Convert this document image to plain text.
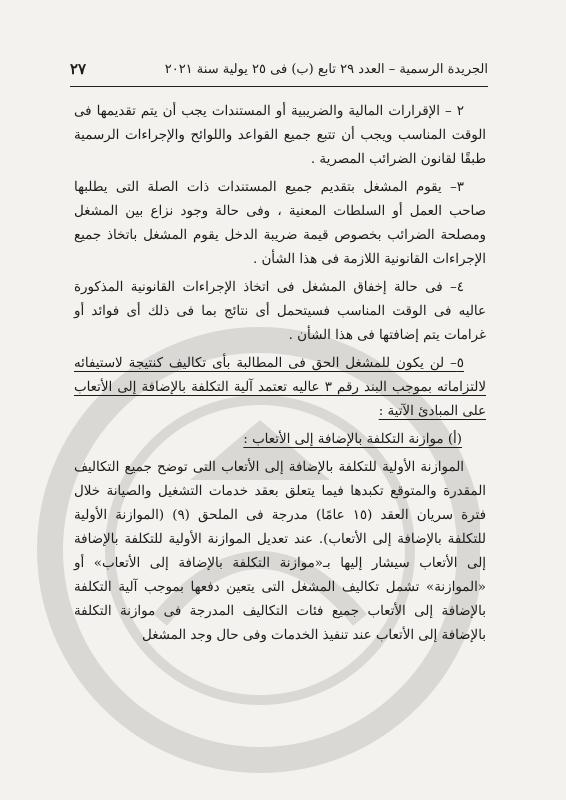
الجريدة الرسمية – العدد ٢٩ تابع (ب) فى ٢٥ يولية سنة ٢٠٢١
٢٧

٢ – الإقرارات المالية والضريبية أو المستندات يجب أن يتم تقديمها فى الوقت المناسب ويجب أن تتبع جميع القواعد واللوائح والإجراءات الرسمية طبقًا لقانون الضرائب المصرية .

٣– يقوم المشغل بتقديم جميع المستندات ذات الصلة التى يطلبها صاحب العمل أو السلطات المعنية ، وفى حالة وجود نزاع بين المشغل ومصلحة الضرائب بخصوص قيمة ضريبة الدخل يقوم المشغل باتخاذ جميع الإجراءات القانونية اللازمة فى هذا الشأن .

٤– فى حالة إخفاق المشغل فى اتخاذ الإجراءات القانونية المذكورة عاليه فى الوقت المناسب فسيتحمل أى نتائج بما فى ذلك أى فوائد أو غرامات يتم إضافتها فى هذا الشأن .

٥– لن يكون للمشغل الحق فى المطالبة بأى تكاليف كنتيجة لاستيفائه لالتزاماته بموجب البند رقم ٣ عاليه تعتمد آلية التكلفة بالإضافة إلى الأتعاب على المبادئ الآتية :

(أ) موازنة التكلفة بالإضافة إلى الأتعاب :

الموازنة الأولية للتكلفة بالإضافة إلى الأتعاب التى توضح جميع التكاليف المقدرة والمتوقع تكبدها فيما يتعلق بعقد خدمات التشغيل والصيانة خلال فترة سريان العقد (١٥ عامًا) مدرجة فى الملحق (٩) (الموازنة الأولية للتكلفة بالإضافة إلى الأتعاب). عند تعديل الموازنة الأولية للتكلفة بالإضافة إلى الأتعاب سيشار إليها بـ«موازنة التكلفة بالإضافة إلى الأتعاب» أو «الموازنة» تشمل تكاليف المشغل التى يتعين دفعها بموجب آلية التكلفة بالإضافة إلى الأتعاب جميع فئات التكاليف المدرجة فى موازنة التكلفة بالإضافة إلى الأتعاب عند تنفيذ الخدمات وفى حال وجد المشغل
